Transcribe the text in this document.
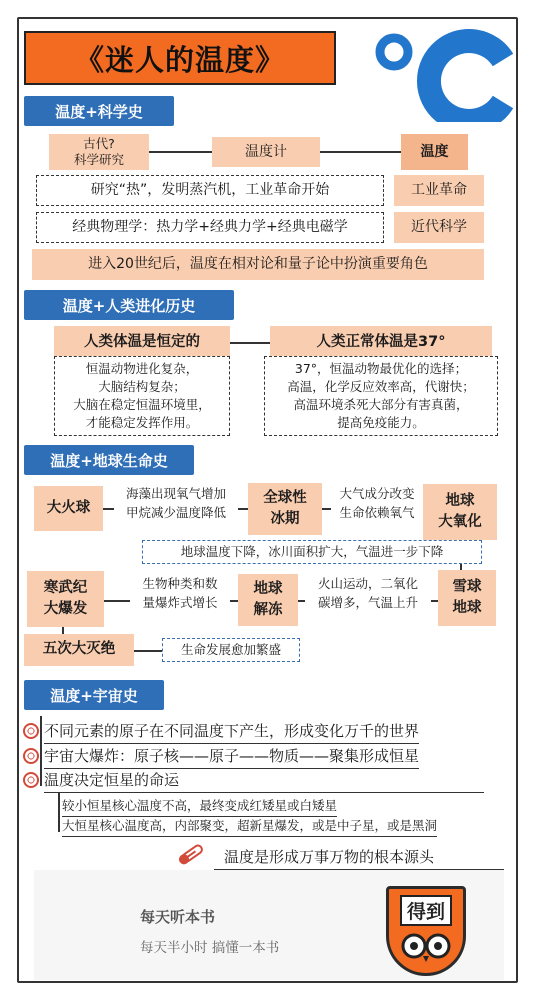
《迷人的温度》
温度+科学史
古代?
科学研究	温度计	温度
研究“热”，发明蒸汽机，工业革命开始	工业革命
经典物理学：热力学+经典力学+经典电磁学	近代科学
进入20世纪后，温度在相对论和量子论中扮演重要角色
温度+人类进化历史
人类体温是恒定的	人类正常体温是37°
恒温动物进化复杂，
大脑结构复杂；
大脑在稳定恒温环境里，
才能稳定发挥作用。
37°，恒温动物最优化的选择；
高温，化学反应效率高，代谢快；
高温环境杀死大部分有害真菌，
提高免疫能力。
温度+地球生命史
大火球
海藻出现氧气增加
甲烷减少温度降低
全球性
冰期
大气成分改变
生命依赖氧气
地球
大氧化
地球温度下降，冰川面积扩大，气温进一步下降
寒武纪
大爆发
生物种类和数
量爆炸式增长
地球
解冻
火山运动，二氧化
碳增多，气温上升
雪球
地球
五次大灭绝	生命发展愈加繁盛
温度+宇宙史
不同元素的原子在不同温度下产生，形成变化万千的世界
宇宙大爆炸：原子核——原子——物质——聚集形成恒星
温度决定恒星的命运
较小恒星核心温度不高，最终变成红矮星或白矮星
大恒星核心温度高，内部聚变，超新星爆发，或是中子星，或是黑洞
温度是形成万事万物的根本源头
每天听本书
每天半小时 搞懂一本书
得到
